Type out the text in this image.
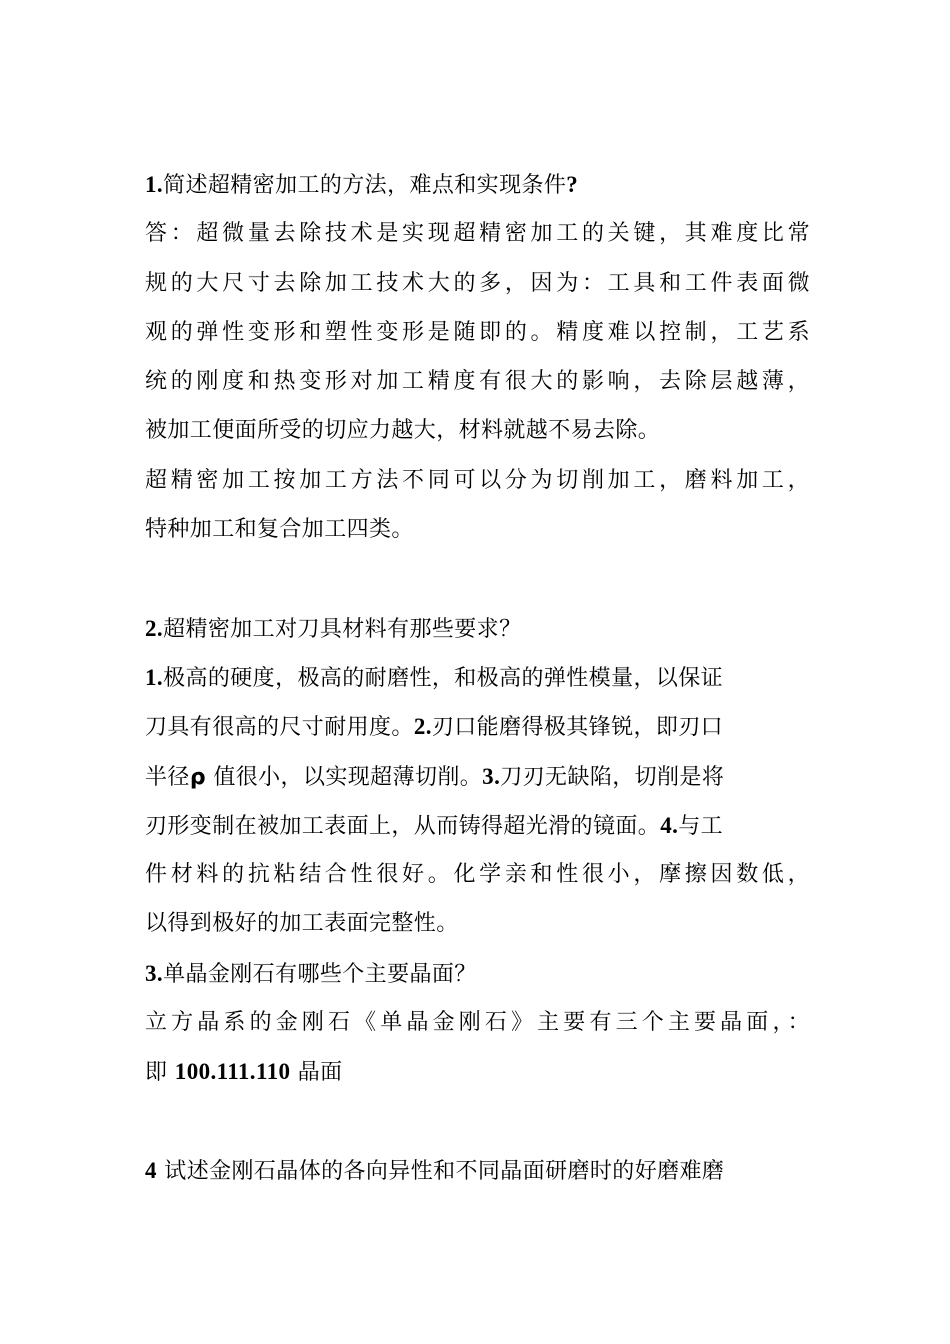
1.简述超精密加工的方法，难点和实现条件?
答：超微量去除技术是实现超精密加工的关键，其难度比常
规的大尺寸去除加工技术大的多，因为：工具和工件表面微
观的弹性变形和塑性变形是随即的。精度难以控制，工艺系
统的刚度和热变形对加工精度有很大的影响，去除层越薄，
被加工便面所受的切应力越大，材料就越不易去除。
超精密加工按加工方法不同可以分为切削加工，磨料加工，
特种加工和复合加工四类。
2.超精密加工对刀具材料有那些要求？
1.极高的硬度，极高的耐磨性，和极高的弹性模量，以保证
刀具有很高的尺寸耐用度。2.刃口能磨得极其锋锐，即刃口
半径ρ 值很小，以实现超薄切削。3.刀刃无缺陷，切削是将
刃形变制在被加工表面上，从而铸得超光滑的镜面。4.与工
件材料的抗粘结合性很好。化学亲和性很小，摩擦因数低，
以得到极好的加工表面完整性。
3.单晶金刚石有哪些个主要晶面？
立方晶系的金刚石《单晶金刚石》主要有三个主要晶面，：
即 100.111.110 晶面
4 试述金刚石晶体的各向异性和不同晶面研磨时的好磨难磨
